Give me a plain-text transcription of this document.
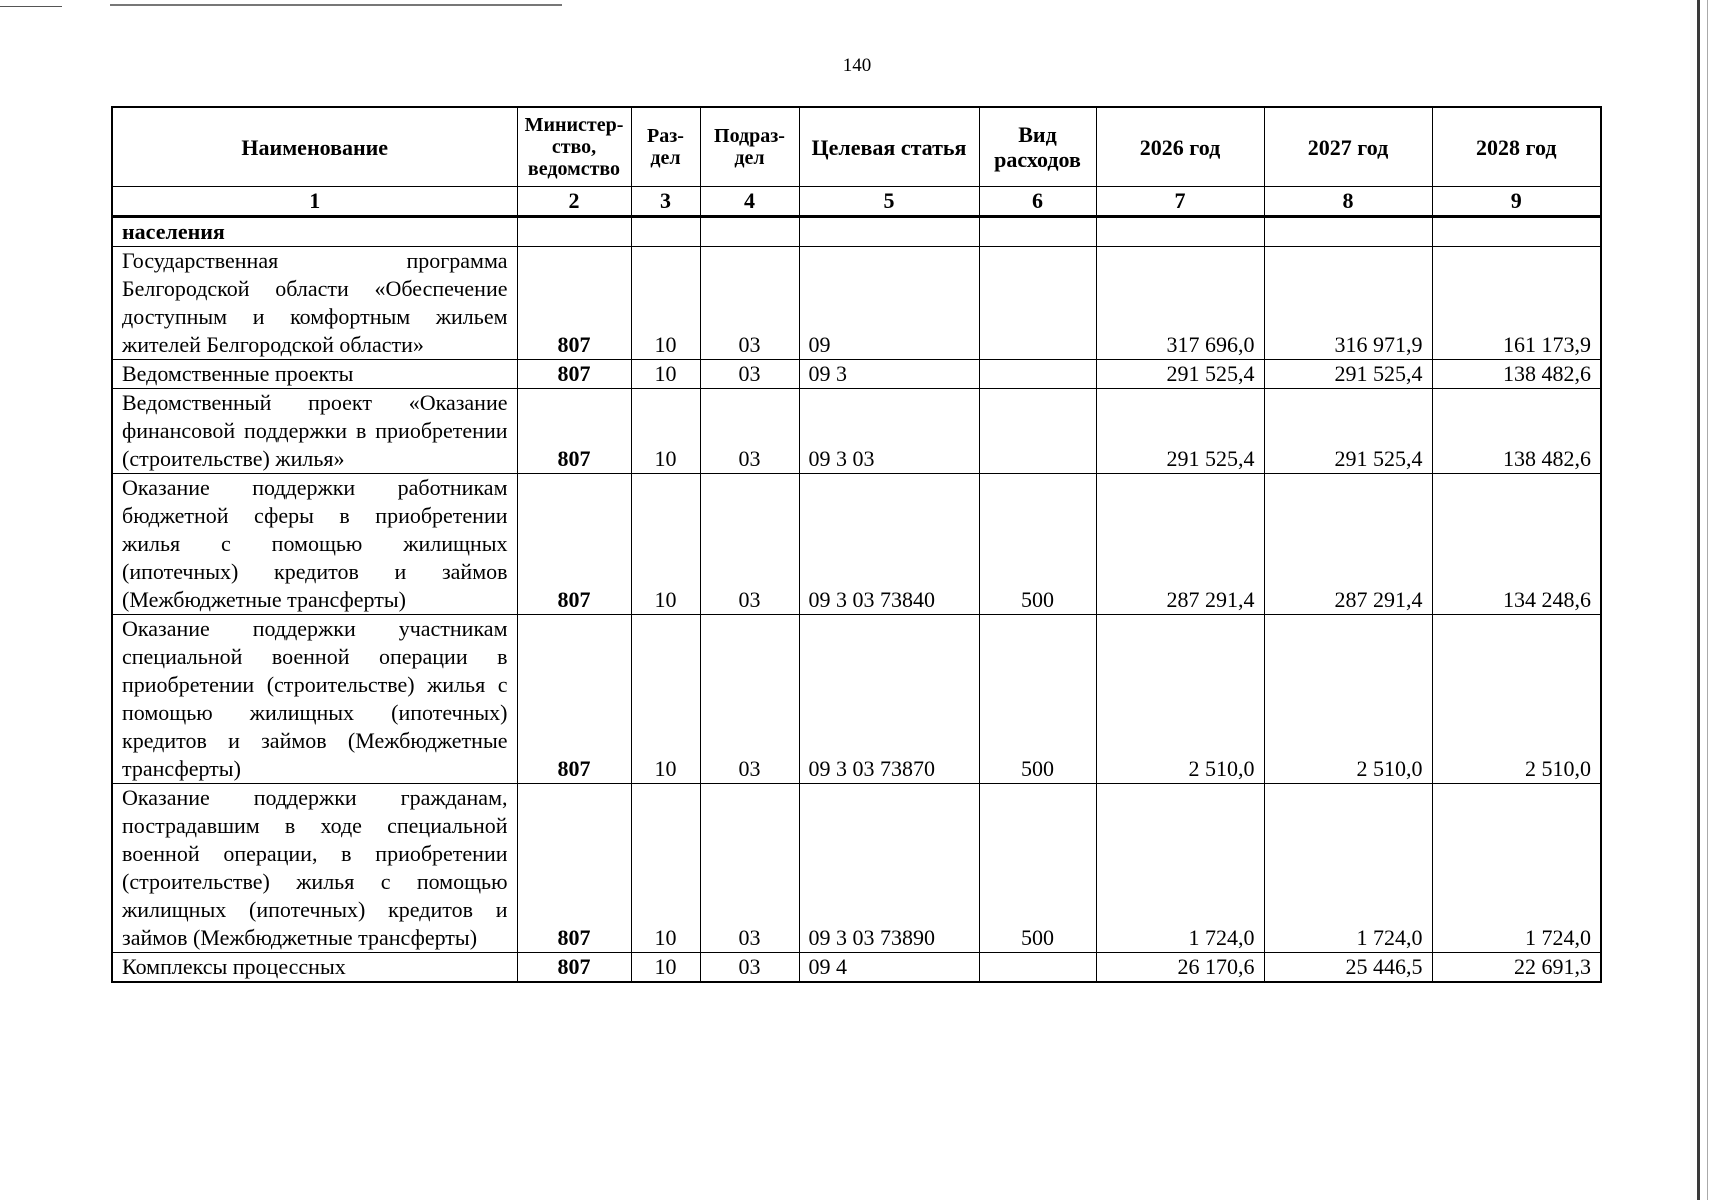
140
Наименование	Министер-ство, ведомство	Раз-дел	Подраз-дел	Целевая статья	Вид расходов	2026 год	2027 год	2028 год
1	2	3	4	5	6	7	8	9
населения								
Государственная программа Белгородской области «Обеспечение доступным и комфортным жильем жителей Белгородской области»	807	10	03	09		317 696,0	316 971,9	161 173,9
Ведомственные проекты	807	10	03	09 3		291 525,4	291 525,4	138 482,6
Ведомственный проект «Оказание финансовой поддержки в приобретении (строительстве) жилья»	807	10	03	09 3 03		291 525,4	291 525,4	138 482,6
Оказание поддержки работникам бюджетной сферы в приобретении жилья с помощью жилищных (ипотечных) кредитов и займов (Межбюджетные трансферты)	807	10	03	09 3 03 73840	500	287 291,4	287 291,4	134 248,6
Оказание поддержки участникам специальной военной операции в приобретении (строительстве) жилья с помощью жилищных (ипотечных) кредитов и займов (Межбюджетные трансферты)	807	10	03	09 3 03 73870	500	2 510,0	2 510,0	2 510,0
Оказание поддержки гражданам, пострадавшим в ходе специальной военной операции, в приобретении (строительстве) жилья с помощью жилищных (ипотечных) кредитов и займов (Межбюджетные трансферты)	807	10	03	09 3 03 73890	500	1 724,0	1 724,0	1 724,0
Комплексы процессных	807	10	03	09 4		26 170,6	25 446,5	22 691,3
